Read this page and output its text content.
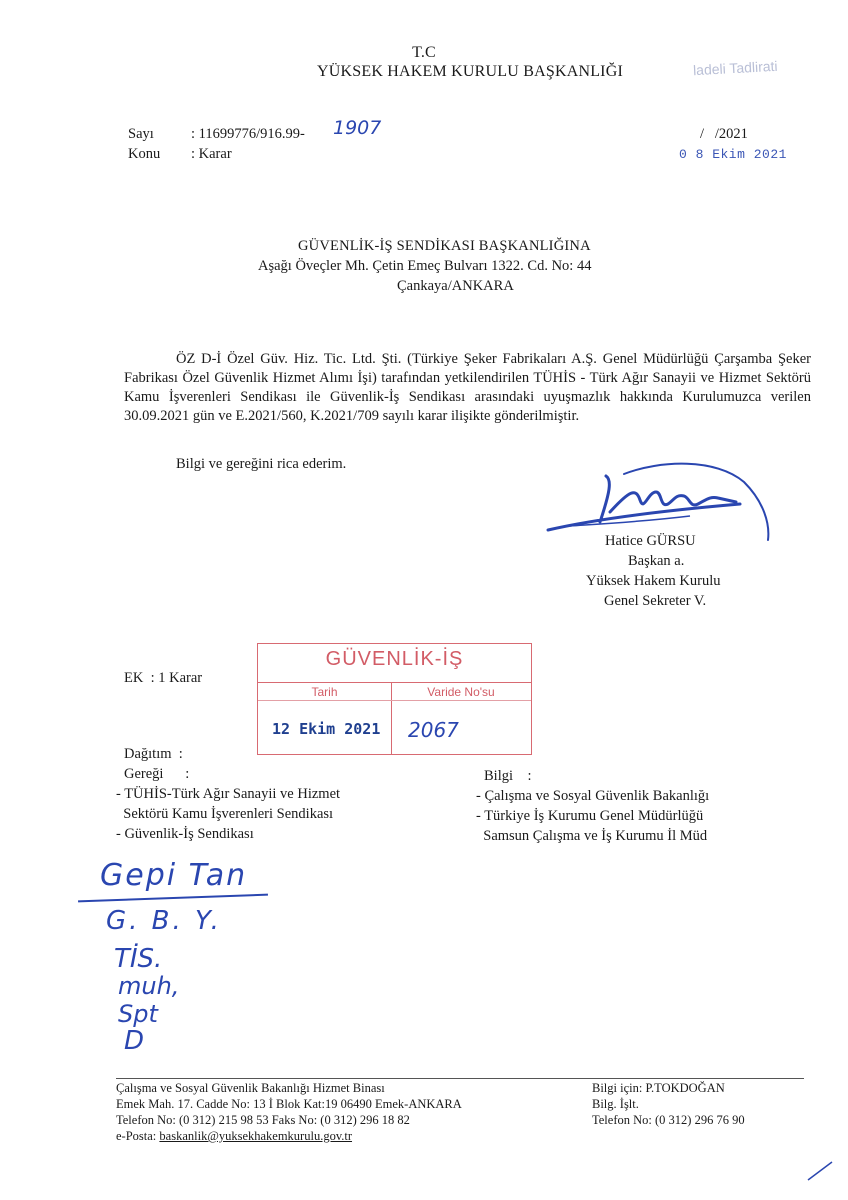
T.C
YÜKSEK HAKEM KURULU BAŞKANLIĞI	ladeli Tadlirati
Sayı	: 11699776/916.99- 1907
Konu : Karar
/   /2021
0 8 Ekim 2021
GÜVENLİK-İŞ SENDİKASI BAŞKANLIĞINA
Aşağı Öveçler Mh. Çetin Emeç Bulvarı 1322. Cd. No: 44
Çankaya/ANKARA
ÖZ D-İ Özel Güv. Hiz. Tic. Ltd. Şti. (Türkiye Şeker Fabrikaları A.Ş. Genel Müdürlüğü Çarşamba Şeker Fabrikası Özel Güvenlik Hizmet Alımı İşi) tarafından yetkilendirilen TÜHİS - Türk Ağır Sanayii ve Hizmet Sektörü Kamu İşverenleri Sendikası ile Güvenlik-İş Sendikası arasındaki uyuşmazlık hakkında Kurulumuzca verilen 30.09.2021 gün ve E.2021/560, K.2021/709 sayılı karar ilişikte gönderilmiştir.
Bilgi ve gereğini rica ederim.
Hatice GÜRSU
Başkan a.
Yüksek Hakem Kurulu
Genel Sekreter V.
EK  : 1 Karar
GÜVENLİK-İŞ
Tarih	Varide No'su
12 Ekim 2021 2067
Dağıtım  :
Gereği      :
- TÜHİS-Türk Ağır Sanayii ve Hizmet
Sektörü Kamu İşverenleri Sendikası
- Güvenlik-İş Sendikası
Bilgi    :
- Çalışma ve Sosyal Güvenlik Bakanlığı
- Türkiye İş Kurumu Genel Müdürlüğü
Samsun Çalışma ve İş Kurumu İl Müd
Gepi Tan
G. B. Y.
TİS.
muh,
Spt
D
Çalışma ve Sosyal Güvenlik Bakanlığı Hizmet Binası
Emek Mah. 17. Cadde No: 13 İ Blok Kat:19 06490 Emek-ANKARA
Telefon No: (0 312) 215 98 53 Faks No: (0 312) 296 18 82
e-Posta: baskanlik@yuksekhakemkurulu.gov.tr
Bilgi için: P.TOKDOĞAN
Bilg. İşlt.
Telefon No: (0 312) 296 76 90
